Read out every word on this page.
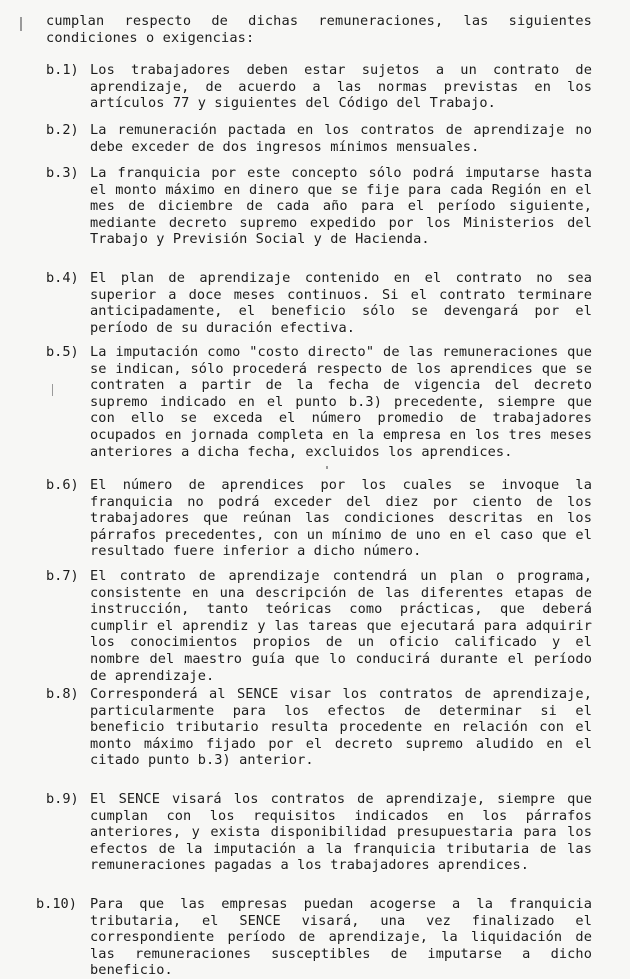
cumplan respecto de dichas remuneraciones, las siguientes condiciones o exigencias:
b.1) Los trabajadores deben estar sujetos a un contrato de aprendizaje, de acuerdo a las normas previstas en los artículos 77 y siguientes del Código del Trabajo.
b.2) La remuneración pactada en los contratos de aprendizaje no debe exceder de dos ingresos mínimos mensuales.
b.3) La franquicia por este concepto sólo podrá imputarse hasta el monto máximo en dinero que se fije para cada Región en el mes de diciembre de cada año para el período siguiente, mediante decreto supremo expedido por los Ministerios del Trabajo y Previsión Social y de Hacienda.
b.4) El plan de aprendizaje contenido en el contrato no sea superior a doce meses continuos. Si el contrato terminare anticipadamente, el beneficio sólo se devengará por el período de su duración efectiva.
b.5) La imputación como "costo directo" de las remuneraciones que se indican, sólo procederá respecto de los aprendices que se contraten a partir de la fecha de vigencia del decreto supremo indicado en el punto b.3) precedente, siempre que con ello se exceda el número promedio de trabajadores ocupados en jornada completa en la empresa en los tres meses anteriores a dicha fecha, excluidos los aprendices.
b.6) El número de aprendices por los cuales se invoque la franquicia no podrá exceder del diez por ciento de los trabajadores que reúnan las condiciones descritas en los párrafos precedentes, con un mínimo de uno en el caso que el resultado fuere inferior a dicho número.
b.7) El contrato de aprendizaje contendrá un plan o programa, consistente en una descripción de las diferentes etapas de instrucción, tanto teóricas como prácticas, que deberá cumplir el aprendiz y las tareas que ejecutará para adquirir los conocimientos propios de un oficio calificado y el nombre del maestro guía que lo conducirá durante el período de aprendizaje.
b.8) Corresponderá al SENCE visar los contratos de aprendizaje, particularmente para los efectos de determinar si el beneficio tributario resulta procedente en relación con el monto máximo fijado por el decreto supremo aludido en el citado punto b.3) anterior.
b.9) El SENCE visará los contratos de aprendizaje, siempre que cumplan con los requisitos indicados en los párrafos anteriores, y exista disponibilidad presupuestaria para los efectos de la imputación a la franquicia tributaria de las remuneraciones pagadas a los trabajadores aprendices.
b.10) Para que las empresas puedan acogerse a la franquicia tributaria, el SENCE visará, una vez finalizado el correspondiente período de aprendizaje, la liquidación de las remuneraciones susceptibles de imputarse a dicho beneficio.
